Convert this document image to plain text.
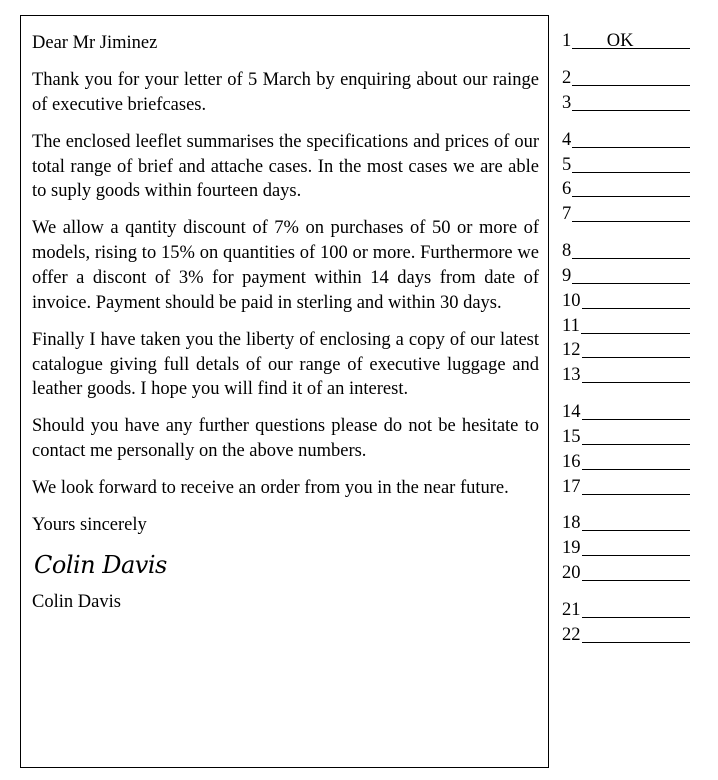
Dear Mr Jiminez

Thank you for your letter of 5 March by enquiring about our rainge of executive briefcases.

The enclosed leeflet summarises the specifications and prices of our total range of brief and attache cases. In the most cases we are able to suply goods within fourteen days.

We allow a qantity discount of 7% on purchases of 50 or more of models, rising to 15% on quantities of 100 or more. Furthermore we offer a discont of 3% for payment within 14 days from date of invoice. Payment should be paid in sterling and within 30 days.

Finally I have taken you the liberty of enclosing a copy of our latest catalogue giving full detals of our range of executive luggage and leather goods. I hope you will find it of an interest.

Should you have any further questions please do not be hesitate to contact me personally on the above numbers.

We look forward to receive an order from you in the near future.

Yours sincerely

Colin Davis

Colin Davis

1	OK
2
3
4
5
6
7
8
9
10
11
12
13
14
15
16
17
18
19
20
21
22
